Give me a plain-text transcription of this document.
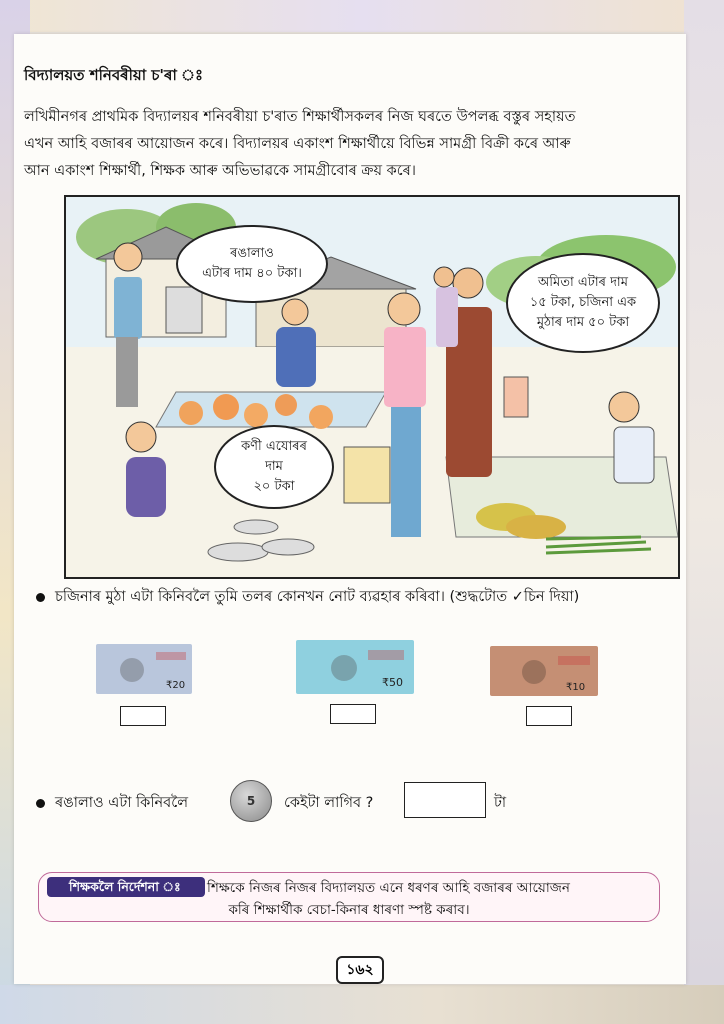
বিদ্যালয়ত শনিবৰীয়া চ'ৰা ঃ
লখিমীনগৰ প্ৰাথমিক বিদ্যালয়ৰ শনিবৰীয়া চ'ৰাত শিক্ষাৰ্থীসকলৰ নিজ ঘৰতে উপলব্ধ বস্তুৰ সহায়ত
এখন আহি বজাৰৰ আয়োজন কৰে। বিদ্যালয়ৰ একাংশ শিক্ষাৰ্থীয়ে বিভিন্ন সামগ্ৰী বিক্ৰী কৰে আৰু
আন একাংশ শিক্ষাৰ্থী, শিক্ষক আৰু অভিভাৱকে সামগ্ৰীবোৰ ক্ৰয় কৰে।
ৰঙালাও
এটাৰ দাম ৪০ টকা।
কণী এযোৰৰ
দাম
২০ টকা
অমিতা এটাৰ দাম
১৫ টকা, চজিনা এক
মুঠাৰ দাম ৫০ টকা
চজিনাৰ মুঠা এটা কিনিবলৈ তুমি তলৰ কোনখন নোট ব্যৱহাৰ কৰিবা। (শুদ্ধটোত ✓চিন দিয়া)
₹20	₹50	₹10
ৰঙালাও এটা কিনিবলৈ	5 কেইটা লাগিব ?	টা
শিক্ষকলৈ নিৰ্দেশনা ঃ	শিক্ষকে নিজৰ নিজৰ বিদ্যালয়ত এনে ধৰণৰ আহি বজাৰৰ আয়োজন
কৰি শিক্ষাৰ্থীক বেচা-কিনাৰ ধাৰণা স্পষ্ট কৰাব।
১৬২
